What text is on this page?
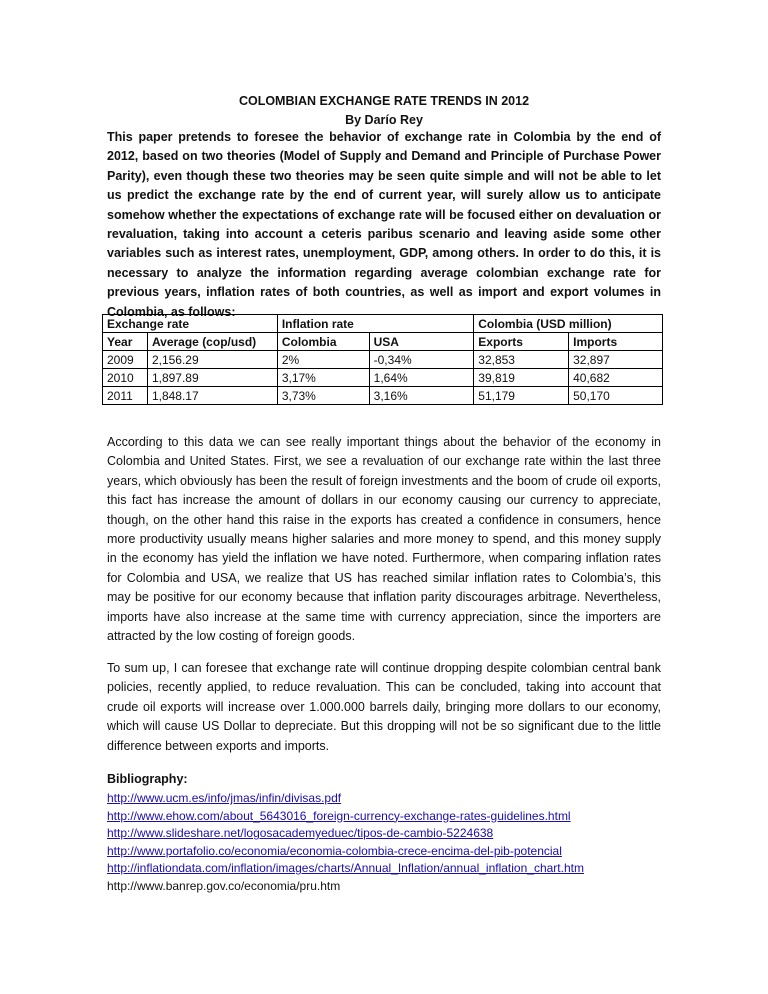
COLOMBIAN EXCHANGE RATE TRENDS IN 2012
By Darío Rey

This paper pretends to foresee the behavior of exchange rate in Colombia by the end of 2012, based on two theories (Model of Supply and Demand and Principle of Purchase Power Parity), even though these two theories may be seen quite simple and will not be able to let us predict the exchange rate by the end of current year, will surely allow us to anticipate somehow whether the expectations of exchange rate will be focused either on devaluation or revaluation, taking into account a ceteris paribus scenario and leaving aside some other variables such as interest rates, unemployment, GDP, among others. In order to do this, it is necessary to analyze the information regarding average colombian exchange rate for previous years, inflation rates of both countries, as well as import and export volumes in Colombia, as follows:

Exchange rate		Inflation rate		Colombia (USD million)	
Year	Average (cop/usd)	Colombia	USA	Exports	Imports
2009	2,156.29	2%	-0,34%	32,853	32,897
2010	1,897.89	3,17%	1,64%	39,819	40,682
2011	1,848.17	3,73%	3,16%	51,179	50,170

According to this data we can see really important things about the behavior of the economy in Colombia and United States. First, we see a revaluation of our exchange rate within the last three years, which obviously has been the result of foreign investments and the boom of crude oil exports, this fact has increase the amount of dollars in our economy causing our currency to appreciate, though, on the other hand this raise in the exports has created a confidence in consumers, hence more productivity usually means higher salaries and more money to spend, and this money supply in the economy has yield the inflation we have noted. Furthermore, when comparing inflation rates for Colombia and USA, we realize that US has reached similar inflation rates to Colombia’s, this may be positive for our economy because that inflation parity discourages arbitrage. Nevertheless, imports have also increase at the same time with currency appreciation, since the importers are attracted by the low costing of foreign goods.

To sum up, I can foresee that exchange rate will continue dropping despite colombian central bank policies, recently applied, to reduce revaluation. This can be concluded, taking into account that crude oil exports will increase over 1.000.000 barrels daily, bringing more dollars to our economy, which will cause US Dollar to depreciate. But this dropping will not be so significant due to the little difference between exports and imports.

Bibliography:

http://www.ucm.es/info/jmas/infin/divisas.pdf
http://www.ehow.com/about_5643016_foreign-currency-exchange-rates-guidelines.html
http://www.slideshare.net/logosacademyeduec/tipos-de-cambio-5224638
http://www.portafolio.co/economia/economia-colombia-crece-encima-del-pib-potencial
http://inflationdata.com/inflation/images/charts/Annual_Inflation/annual_inflation_chart.htm
http://www.banrep.gov.co/economia/pru.htm
